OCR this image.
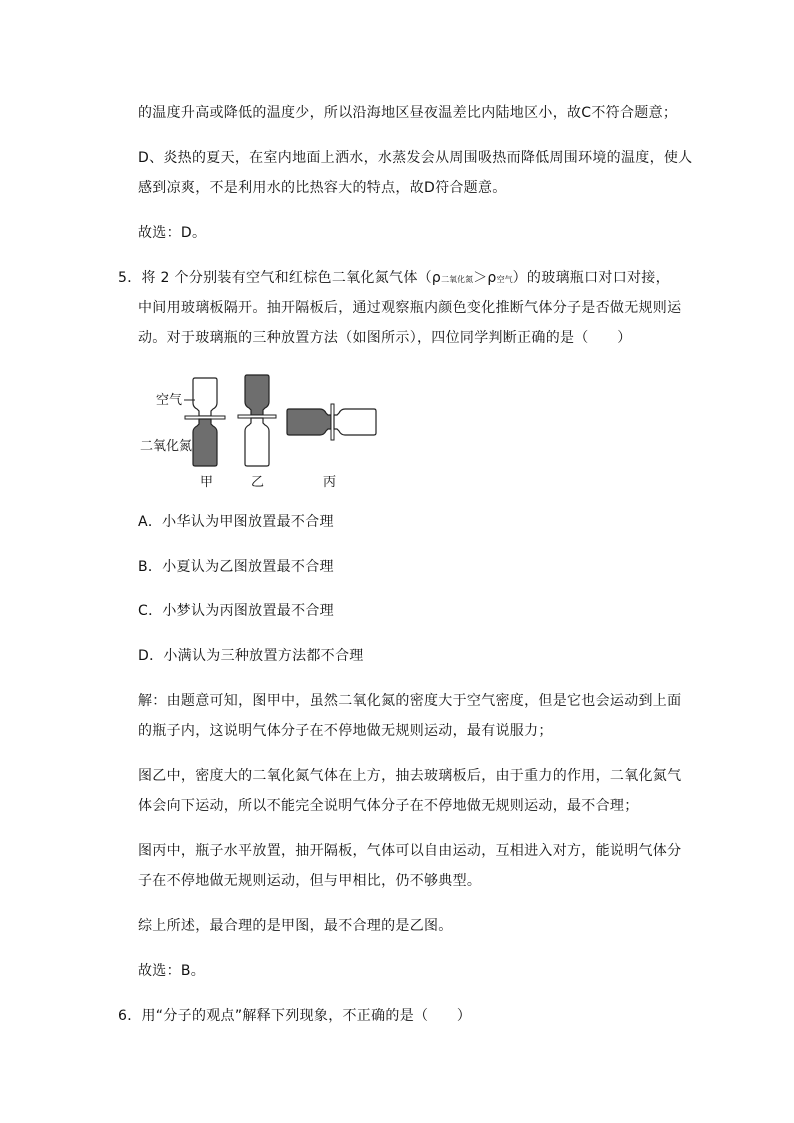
的温度升高或降低的温度少，所以沿海地区昼夜温差比内陆地区小，故C不符合题意；
D、炎热的夏天，在室内地面上洒水，水蒸发会从周围吸热而降低周围环境的温度，使人
感到凉爽，不是利用水的比热容大的特点，故D符合题意。
故选：D。
5．将 2 个分别装有空气和红棕色二氧化氮气体（ρ二氧化氮＞ρ空气）的玻璃瓶口对口对接，
中间用玻璃板隔开。抽开隔板后，通过观察瓶内颜色变化推断气体分子是否做无规则运
动。对于玻璃瓶的三种放置方法（如图所示），四位同学判断正确的是（　　）
空气
二氧化氮
甲	乙	丙
A．小华认为甲图放置最不合理
B．小夏认为乙图放置最不合理
C．小梦认为丙图放置最不合理
D．小满认为三种放置方法都不合理
解：由题意可知，图甲中，虽然二氧化氮的密度大于空气密度，但是它也会运动到上面
的瓶子内，这说明气体分子在不停地做无规则运动，最有说服力；
图乙中，密度大的二氧化氮气体在上方，抽去玻璃板后，由于重力的作用，二氧化氮气
体会向下运动，所以不能完全说明气体分子在不停地做无规则运动，最不合理；
图丙中，瓶子水平放置，抽开隔板，气体可以自由运动，互相进入对方，能说明气体分
子在不停地做无规则运动，但与甲相比，仍不够典型。
综上所述，最合理的是甲图，最不合理的是乙图。
故选：B。
6．用“分子的观点”解释下列现象，不正确的是（　　）
